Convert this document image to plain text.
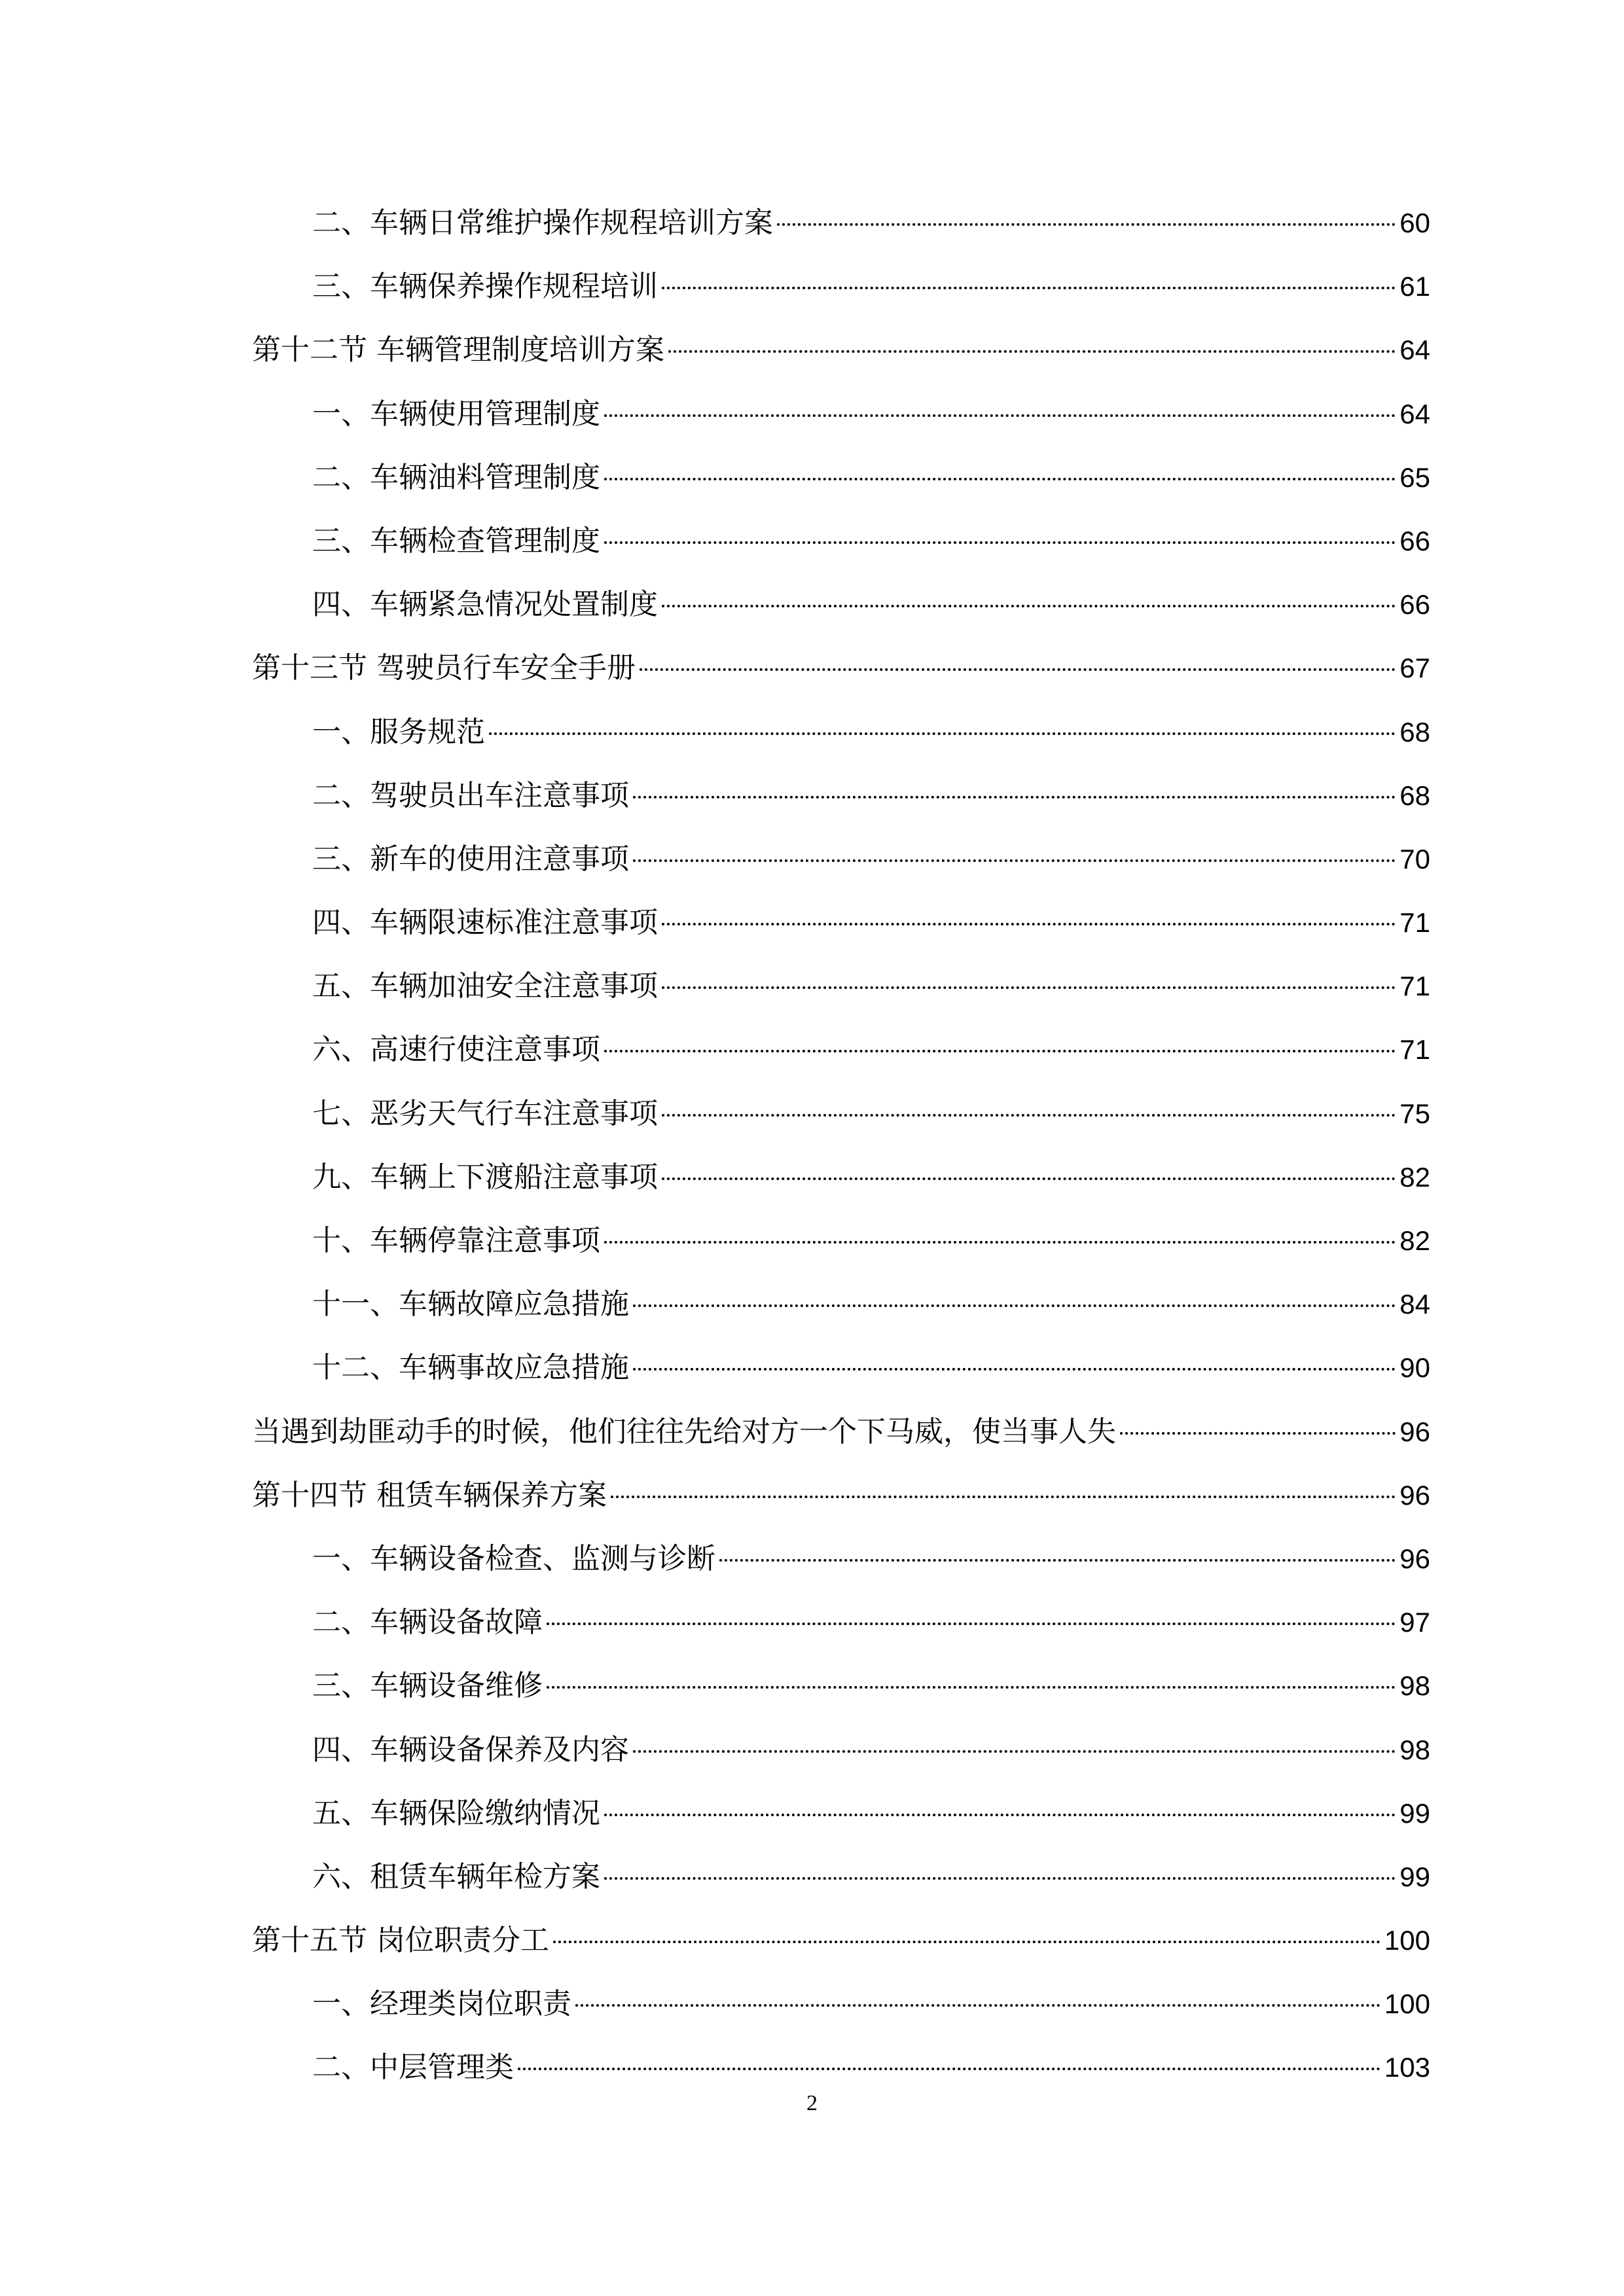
二、车辆日常维护操作规程培训方案	60
三、车辆保养操作规程培训	61
第十二节 车辆管理制度培训方案	64
一、车辆使用管理制度	64
二、车辆油料管理制度	65
三、车辆检查管理制度	66
四、车辆紧急情况处置制度	66
第十三节 驾驶员行车安全手册	67
一、服务规范	68
二、驾驶员出车注意事项	68
三、新车的使用注意事项	70
四、车辆限速标准注意事项	71
五、车辆加油安全注意事项	71
六、高速行使注意事项	71
七、恶劣天气行车注意事项	75
九、车辆上下渡船注意事项	82
十、车辆停靠注意事项	82
十一、车辆故障应急措施	84
十二、车辆事故应急措施	90
当遇到劫匪动手的时候，他们往往先给对方一个下马威，使当事人失	96
第十四节 租赁车辆保养方案	96
一、车辆设备检查、监测与诊断	96
二、车辆设备故障	97
三、车辆设备维修	98
四、车辆设备保养及内容	98
五、车辆保险缴纳情况	99
六、租赁车辆年检方案	99
第十五节 岗位职责分工	100
一、经理类岗位职责	100
二、中层管理类	103
2
